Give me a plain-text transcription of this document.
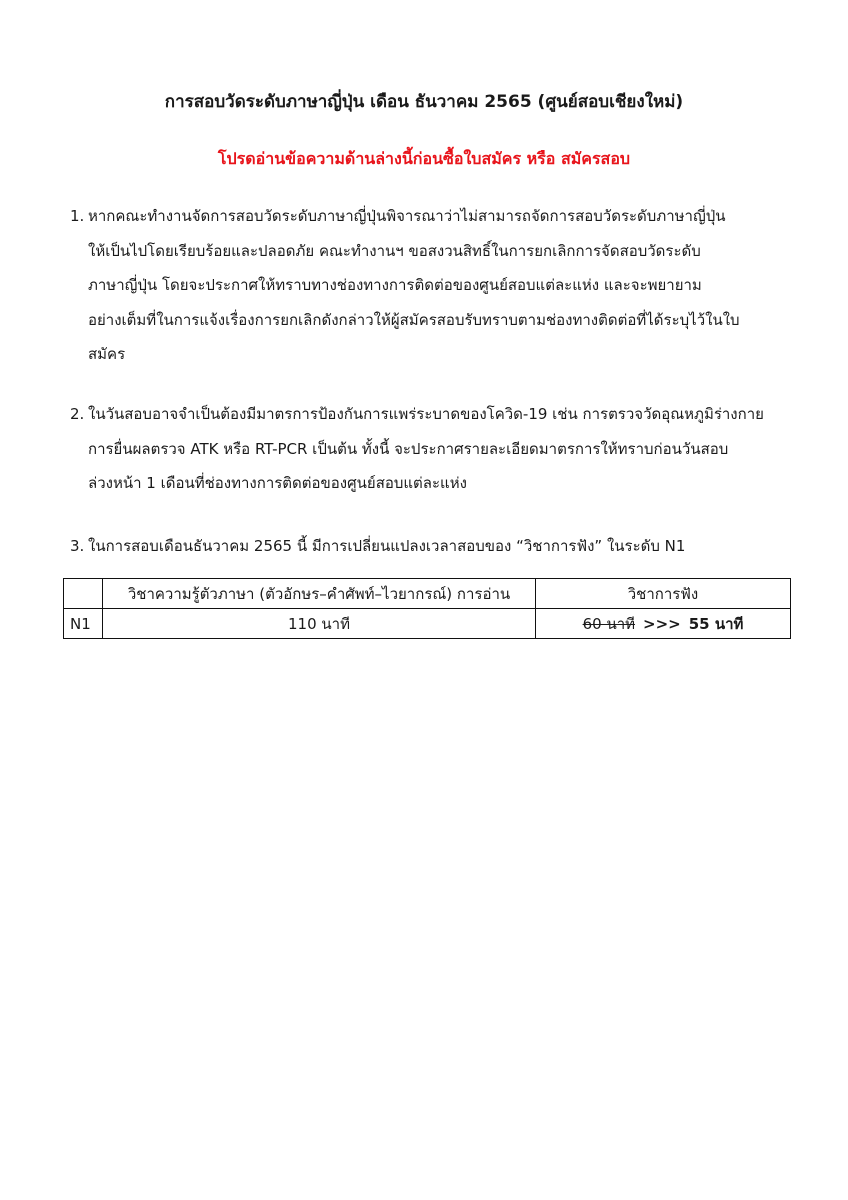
การสอบวัดระดับภาษาญี่ปุ่น เดือน ธันวาคม 2565 (ศูนย์สอบเชียงใหม่)
โปรดอ่านข้อความด้านล่างนี้ก่อนซื้อใบสมัคร หรือ สมัครสอบ
1. หากคณะทำงานจัดการสอบวัดระดับภาษาญี่ปุ่นพิจารณาว่าไม่สามารถจัดการสอบวัดระดับภาษาญี่ปุ่น
ให้เป็นไปโดยเรียบร้อยและปลอดภัย คณะทำงานฯ ขอสงวนสิทธิ์ในการยกเลิกการจัดสอบวัดระดับ
ภาษาญี่ปุ่น โดยจะประกาศให้ทราบทางช่องทางการติดต่อของศูนย์สอบแต่ละแห่ง และจะพยายาม
อย่างเต็มที่ในการแจ้งเรื่องการยกเลิกดังกล่าวให้ผู้สมัครสอบรับทราบตามช่องทางติดต่อที่ได้ระบุไว้ในใบ
สมัคร
2. ในวันสอบอาจจำเป็นต้องมีมาตรการป้องกันการแพร่ระบาดของโควิด-19 เช่น การตรวจวัดอุณหภูมิร่างกาย
การยื่นผลตรวจ ATK หรือ RT-PCR เป็นต้น ทั้งนี้ จะประกาศรายละเอียดมาตรการให้ทราบก่อนวันสอบ
ล่วงหน้า 1 เดือนที่ช่องทางการติดต่อของศูนย์สอบแต่ละแห่ง
3. ในการสอบเดือนธันวาคม 2565 นี้ มีการเปลี่ยนแปลงเวลาสอบของ “วิชาการฟัง” ในระดับ N1
	วิชาความรู้ตัวภาษา (ตัวอักษร–คำศัพท์–ไวยากรณ์) การอ่าน	วิชาการฟัง
N1	110 นาที	60 นาที >>> 55 นาที
